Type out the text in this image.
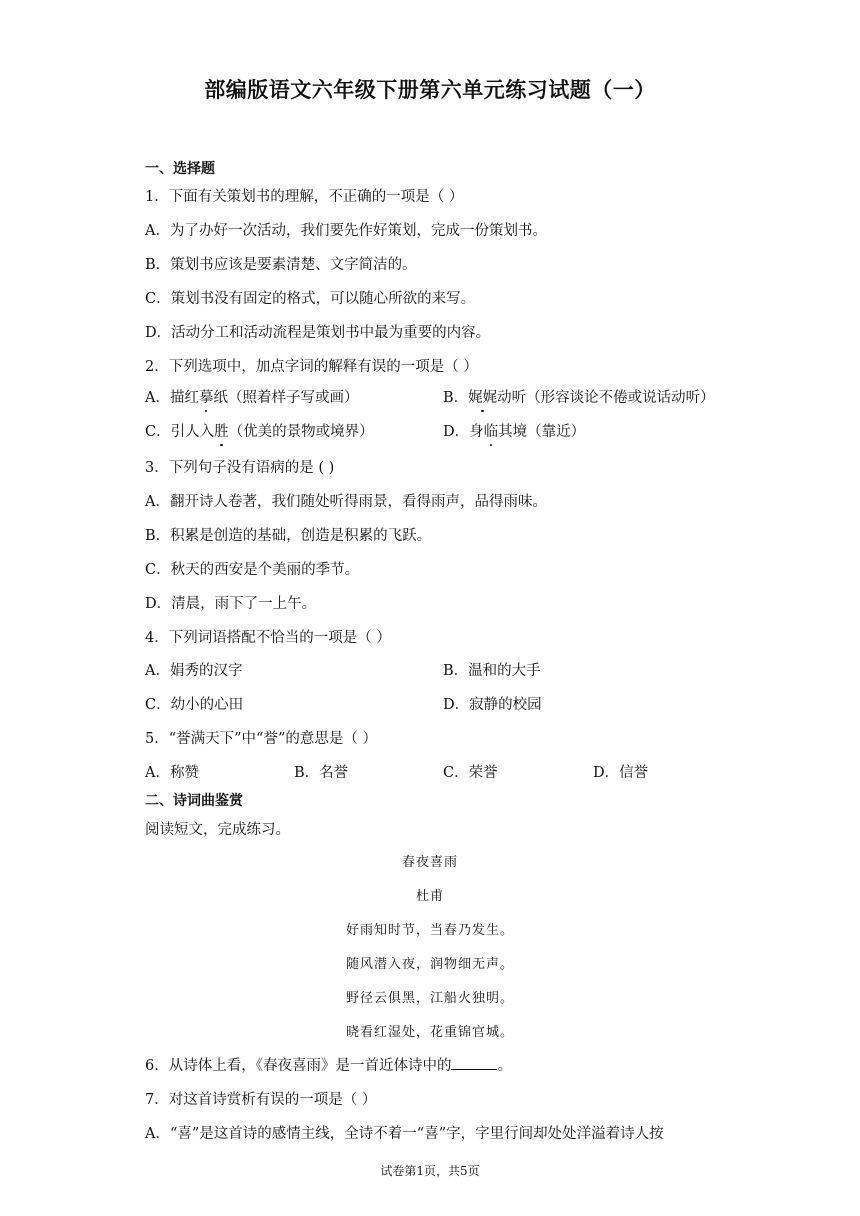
部编版语文六年级下册第六单元练习试题（一）
一、选择题
1．下面有关策划书的理解，不正确的一项是（ ）
A．为了办好一次活动，我们要先作好策划，完成一份策划书。
B．策划书应该是要素清楚、文字简洁的。
C．策划书没有固定的格式，可以随心所欲的来写。
D．活动分工和活动流程是策划书中最为重要的内容。
2．下列选项中，加点字词的解释有误的一项是（ ）
A．描红摹纸（照着样子写或画）	B．娓娓动听（形容谈论不倦或说话动听）
C．引人入胜（优美的景物或境界）	D．身临其境（靠近）
3．下列句子没有语病的是 ( )
A．翻开诗人卷著，我们随处听得雨景，看得雨声，品得雨味。
B．积累是创造的基础，创造是积累的飞跃。
C．秋天的西安是个美丽的季节。
D．清晨，雨下了一上午。
4．下列词语搭配不恰当的一项是（ ）
A．娟秀的汉字	B．温和的大手
C．幼小的心田	D．寂静的校园
5．“誉满天下”中“誉”的意思是（ ）
A．称赞	B．名誉	C．荣誉	D．信誉
二、诗词曲鉴赏
阅读短文，完成练习。
春夜喜雨
杜甫
好雨知时节，当春乃发生。
随风潜入夜，润物细无声。
野径云俱黑，江船火独明。
晓看红湿处，花重锦官城。
6．从诗体上看，《春夜喜雨》是一首近体诗中的	。
7．对这首诗赏析有误的一项是（ ）
A．“喜”是这首诗的感情主线，全诗不着一“喜”字，字里行间却处处洋溢着诗人按
试卷第1页，共5页
